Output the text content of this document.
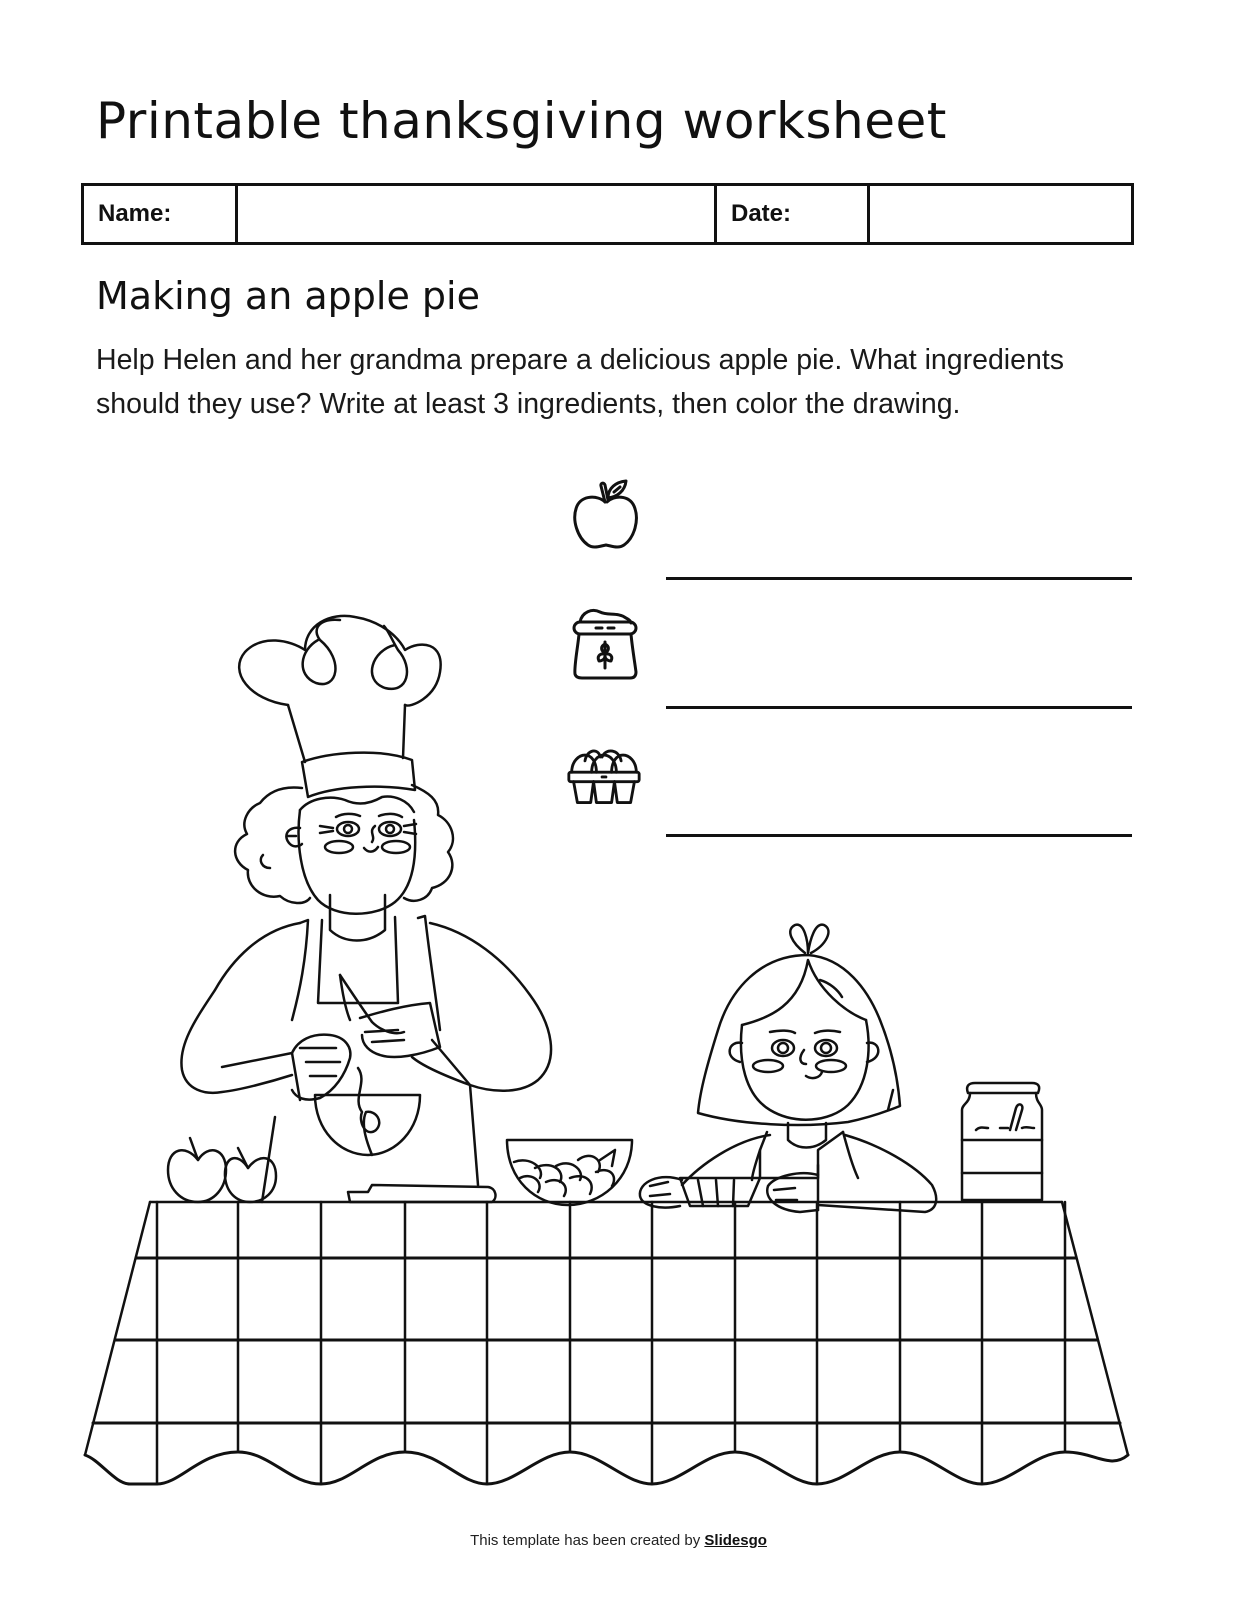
Printable thanksgiving worksheet
Name:		Date:	
Making an apple pie

Help Helen and her grandma prepare a delicious apple pie. What ingredients should they use? Write at least 3 ingredients, then color the drawing.

This template has been created by Slidesgo
